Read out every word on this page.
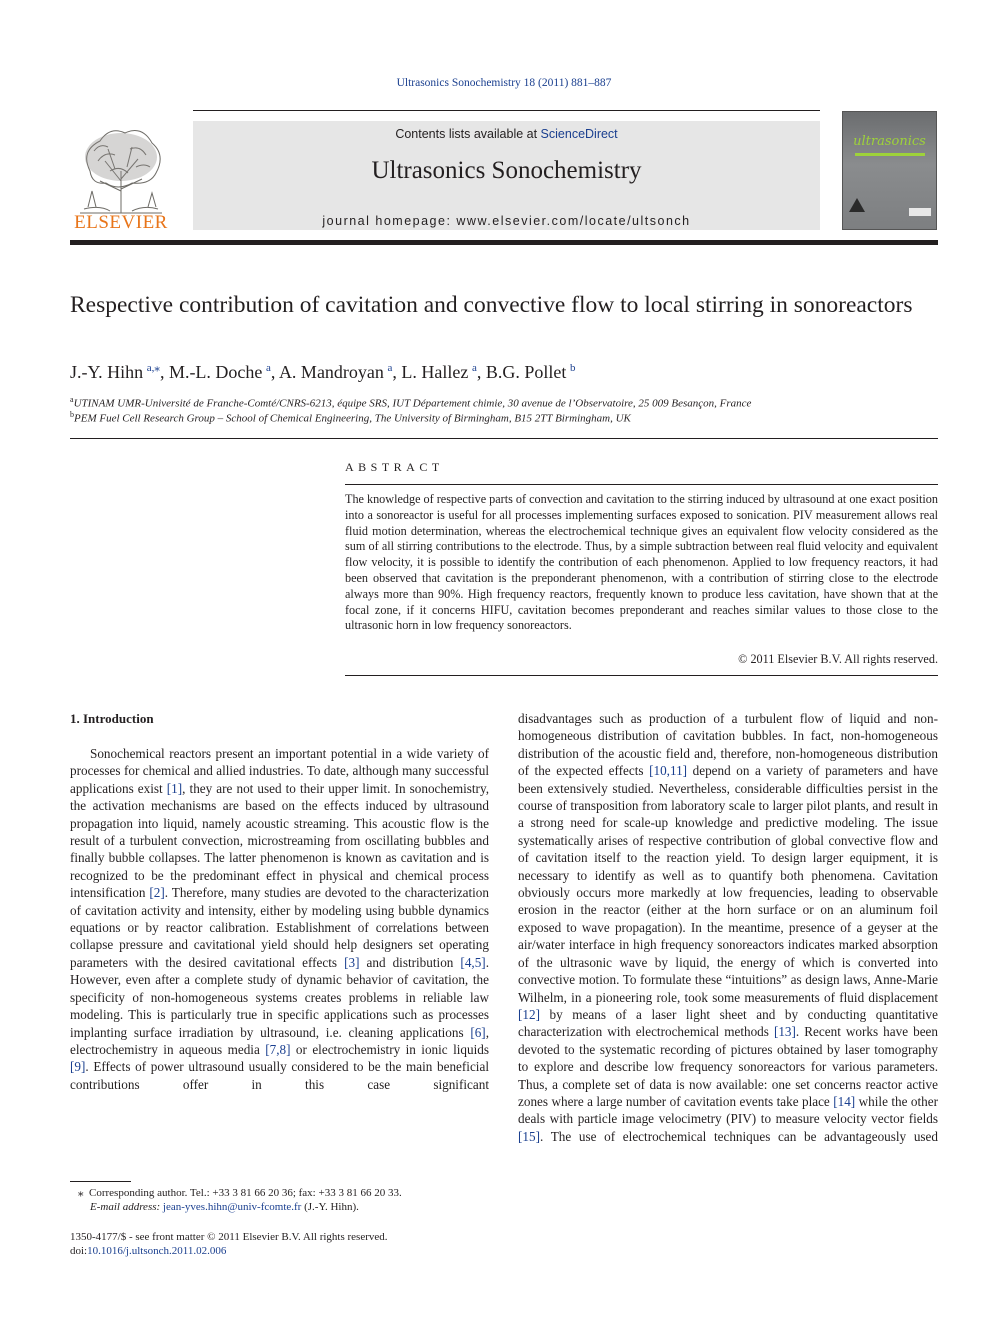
Ultrasonics Sonochemistry 18 (2011) 881–887
ELSEVIER
Contents lists available at ScienceDirect
Ultrasonics Sonochemistry
journal homepage: www.elsevier.com/locate/ultsonch
ultrasonics
Respective contribution of cavitation and convective flow to local stirring in sonoreactors
J.-Y. Hihn  $^{a,⁎}$, M.-L. Doche  $^a$, A. Mandroyan  $^a$, L. Hallez  $^a$, B.G. Pollet  $^b$
$^a$UTINAM UMR-Université de Franche-Comté/CNRS-6213, équipe SRS, IUT Département chimie, 30 avenue de l’Observatoire, 25 009 Besançon, France
$^b$PEM Fuel Cell Research Group – School of Chemical Engineering, The University of Birmingham, B15 2TT Birmingham, UK
ABSTRACT
The knowledge of respective parts of convection and cavitation to the stirring induced by ultrasound at one exact position into a sonoreactor is useful for all processes implementing surfaces exposed to sonication. PIV measurement allows real fluid motion determination, whereas the electrochemical technique gives an equivalent flow velocity considered as the sum of all stirring contributions to the electrode. Thus, by a simple subtraction between real fluid velocity and equivalent flow velocity, it is possible to identify the contribution of each phenomenon. Applied to low frequency reactors, it had been observed that cavitation is the preponderant phenomenon, with a contribution of stirring close to the electrode always more than 90%. High frequency reactors, frequently known to produce less cavitation, have shown that at the focal zone, if it concerns HIFU, cavitation becomes preponderant and reaches similar values to those close to the ultrasonic horn in low frequency sonoreactors.
© 2011 Elsevier B.V. All rights reserved.
1. Introduction
Sonochemical reactors present an important potential in a wide variety of processes for chemical and allied industries. To date, although many successful applications exist [1], they are not used to their upper limit. In sonochemistry, the activation mechanisms are based on the effects induced by ultrasound propagation into liquid, namely acoustic streaming. This acoustic flow is the result of a turbulent convection, microstreaming from oscillating bubbles and finally bubble collapses. The latter phenomenon is known as cavitation and is recognized to be the predominant effect in physical and chemical process intensification [2]. Therefore, many studies are devoted to the characterization of cavitation activity and intensity, either by modeling using bubble dynamics equations or by reactor calibration. Establishment of correlations between collapse pressure and cavitational yield should help designers set operating parameters with the desired cavitational effects [3] and distribution [4,5]. However, even after a complete study of dynamic behavior of cavitation, the specificity of non-homogeneous systems creates problems in reliable law modeling. This is particularly true in specific applications such as processes implanting surface irradiation by ultrasound, i.e. cleaning applications [6], electrochemistry in aqueous media [7,8] or electrochemistry in ionic liquids [9]. Effects of power ultrasound usually considered to be the main beneficial contributions offer in this case significant
disadvantages such as production of a turbulent flow of liquid and non-homogeneous distribution of cavitation bubbles. In fact, non-homogeneous distribution of the acoustic field and, therefore, non-homogeneous distribution of the expected effects [10,11] depend on a variety of parameters and have been extensively studied. Nevertheless, considerable difficulties persist in the course of transposition from laboratory scale to larger pilot plants, and result in a strong need for scale-up knowledge and predictive modeling. The issue systematically arises of respective contribution of global convective flow and of cavitation itself to the reaction yield. To design larger equipment, it is necessary to identify as well as to quantify both phenomena. Cavitation obviously occurs more markedly at low frequencies, leading to observable erosion in the reactor (either at the horn surface or on an aluminum foil exposed to wave propagation). In the meantime, presence of a geyser at the air/water interface in high frequency sonoreactors indicates marked absorption of the ultrasonic wave by liquid, the energy of which is converted into convective motion. To formulate these “intuitions” as design laws, Anne-Marie Wilhelm, in a pioneering role, took some measurements of fluid displacement [12] by means of a laser light sheet and by conducting quantitative characterization with electrochemical methods [13]. Recent works have been devoted to the systematic recording of pictures obtained by laser tomography to explore and describe low frequency sonoreactors for various parameters. Thus, a complete set of data is now available: one set concerns reactor active zones where a large number of cavitation events take place [14] while the other deals with particle image velocimetry (PIV) to measure velocity vector fields [15]. The use of electrochemical techniques can be advantageously used
⁎ Corresponding author. Tel.: +33 3 81 66 20 36; fax: +33 3 81 66 20 33.
E-mail address: jean-yves.hihn@univ-fcomte.fr (J.-Y. Hihn).
1350-4177/$ - see front matter © 2011 Elsevier B.V. All rights reserved.
doi:10.1016/j.ultsonch.2011.02.006
